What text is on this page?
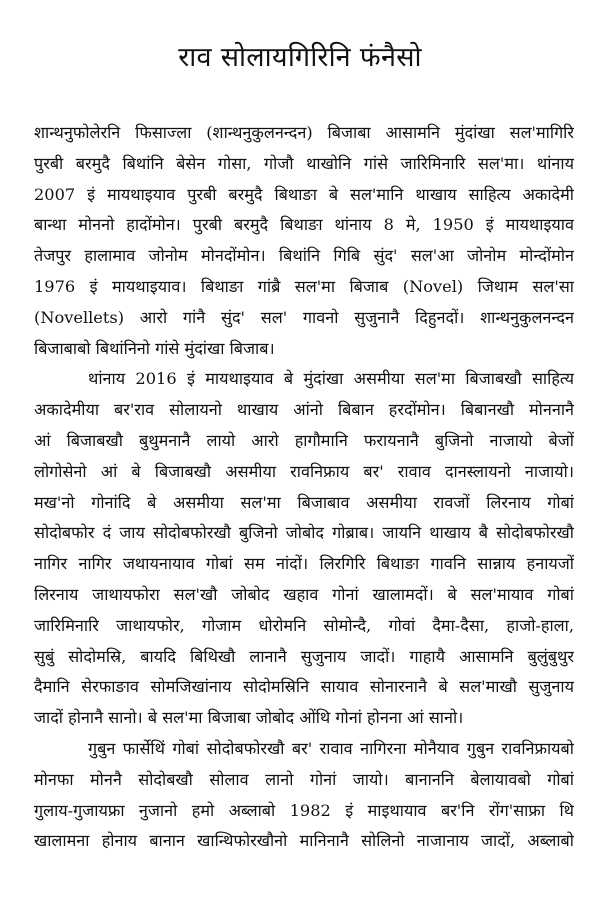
राव सोलायगिरिनि फंनैसो
शान्थनुफोलेरनि फिसाज्ला (शान्थनुकुलनन्दन) बिजाबा आसामनि मुंदांखा सल'मागिरि
पुरबी बरमुदै बिथांनि बेसेन गोसा, गोजौ थाखोनि गांसे जारिमिनारि सल'मा। थांनाय
2007 इं मायथाइयाव पुरबी बरमुदै बिथाङा बे सल'मानि थाखाय साहित्य अकादेमी
बान्था मोननो हादोंमोन। पुरबी बरमुदै बिथाङा थांनाय 8 मे, 1950 इं मायथाइयाव
तेजपुर हालामाव जोनोम मोनदोंमोन। बिथांनि गिबि सुंद' सल'आ जोनोम मोन्दोंमोन
1976 इं मायथाइयाव। बिथाङा गांब्रै सल'मा बिजाब (Novel) जिथाम सल'सा
(Novellets) आरो गांनै सुंद' सल' गावनो सुजुनानै दिहुनदों। शान्थनुकुलनन्दन
बिजाबाबो बिथांनिनो गांसे मुंदांखा बिजाब।
थांनाय 2016 इं मायथाइयाव बे मुंदांखा असमीया सल'मा बिजाबखौ साहित्य
अकादेमीया बर'राव सोलायनो थाखाय आंनो बिबान हरदोंमोन। बिबानखौ मोननानै
आं बिजाबखौ बुथुमनानै लायो आरो हागौमानि फरायनानै बुजिनो नाजायो बेजों
लोगोसेनो आं बे बिजाबखौ असमीया रावनिफ्राय बर' रावाव दानस्लायनो नाजायो।
मख'नो गोनांदि बे असमीया सल'मा बिजाबाव असमीया रावजों लिरनाय गोबां
सोदोबफोर दं जाय सोदोबफोरखौ बुजिनो जोबोद गोब्राब। जायनि थाखाय बै सोदोबफोरखौ
नागिर नागिर जथायनायाव गोबां सम नांदों। लिरगिरि बिथाङा गावनि सान्नाय हनायजों
लिरनाय जाथायफोरा सल'खौ जोबोद खहाव गोनां खालामदों। बे सल'मायाव गोबां
जारिमिनारि जाथायफोर, गोजाम धोरोमनि सोमोन्दै, गोवां दैमा-दैसा, हाजो-हाला,
सुबुं सोदोमस्रि, बायदि बिथिखौ लानानै सुजुनाय जादों। गाहायै आसामनि बुलुंबुथुर
दैमानि सेरफाङाव सोमजिखांनाय सोदोमस्रिनि सायाव सोनारनानै बे सल'माखौ सुजुनाय
जादों होनानै सानो। बे सल'मा बिजाबा जोबोद ओंथि गोनां होनना आं सानो।
गुबुन फार्सेथिं गोबां सोदोबफोरखौ बर' रावाव नागिरना मोनैयाव गुबुन रावनिफ्रायबो
मोनफा मोननै सोदोबखौ सोलाव लानो गोनां जायो। बानाननि बेलायावबो गोबां
गुलाय-गुजायफ्रा नुजानो हमो अब्लाबो 1982 इं माइथायाव बर'नि रोंग'साफ्रा थि
खालामना होनाय बानान खान्थिफोरखौनो मानिनानै सोलिनो नाजानाय जादों, अब्लाबो
